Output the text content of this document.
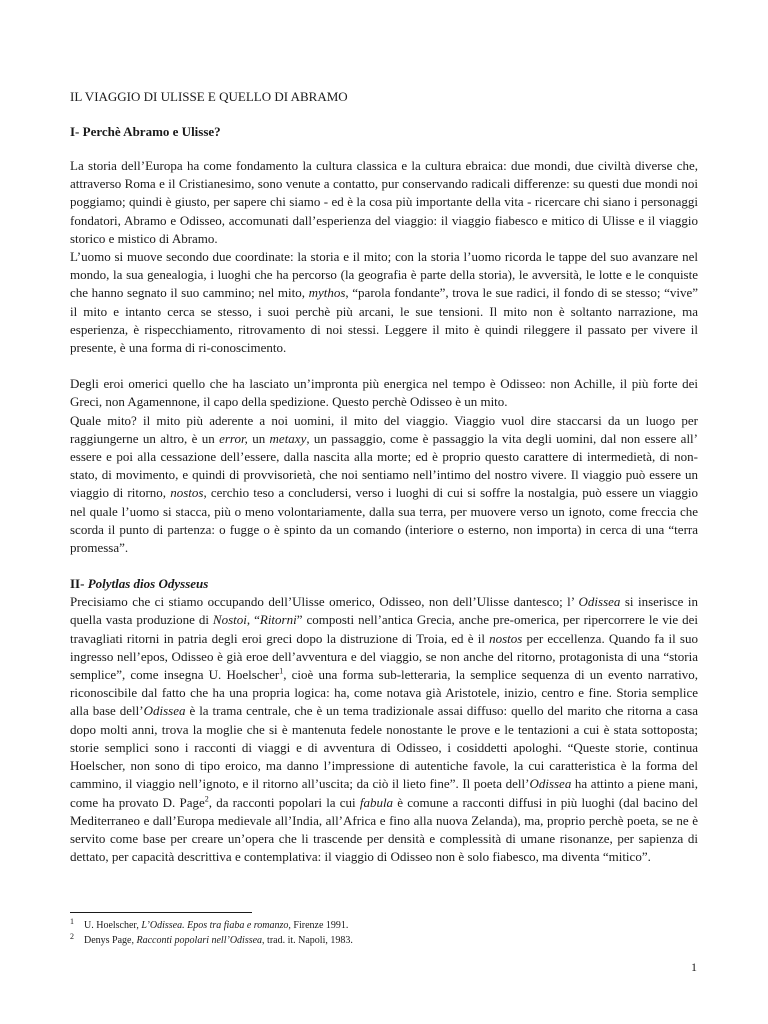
IL VIAGGIO DI ULISSE E QUELLO DI ABRAMO

I- Perchè Abramo e Ulisse?

La storia dell’Europa ha come fondamento la cultura classica e la cultura ebraica: due mondi, due civiltà diverse che, attraverso Roma e il Cristianesimo, sono venute a contatto, pur conservando radicali differenze: su questi due mondi noi poggiamo; quindi è giusto, per sapere chi siamo - ed è la cosa più importante della vita - ricercare chi siano i personaggi fondatori, Abramo e Odisseo, accomunati dall’esperienza del viaggio: il viaggio fiabesco e mitico di Ulisse e il viaggio storico e mistico di Abramo.

L’uomo si muove secondo due coordinate: la storia e il mito; con la storia l’uomo ricorda le tappe del suo avanzare nel mondo, la sua genealogia, i luoghi che ha percorso (la geografia è parte della storia), le avversità, le lotte e le conquiste che hanno segnato il suo cammino; nel mito, mythos, “parola fondante”, trova le sue radici, il fondo di se stesso; “vive” il mito e intanto cerca se stesso, i suoi perchè più arcani, le sue tensioni. Il mito non è soltanto narrazione, ma esperienza, è rispecchiamento, ritrovamento di noi stessi. Leggere il mito è quindi rileggere il passato per vivere il presente, è una forma di ri-conoscimento.

Degli eroi omerici quello che ha lasciato un’impronta più energica nel tempo è Odisseo: non Achille, il più forte dei Greci, non Agamennone, il capo della spedizione. Questo perchè Odisseo è un mito.

Quale mito? il mito più aderente a noi uomini, il mito del viaggio. Viaggio vuol dire staccarsi da un luogo per raggiungerne un altro, è un error, un metaxy, un passaggio, come è passaggio la vita degli uomini, dal non essere all’ essere e poi alla cessazione dell’essere, dalla nascita alla morte; ed è proprio questo carattere di intermedietà, di non-stato, di movimento, e quindi di provvisorietà, che noi sentiamo nell’intimo del nostro vivere. Il viaggio può essere un viaggio di ritorno, nostos, cerchio teso a concludersi, verso i luoghi di cui si soffre la nostalgia, può essere un viaggio nel quale l’uomo si stacca, più o meno volontariamente, dalla sua terra, per muovere verso un ignoto, come freccia che scorda il punto di partenza: o fugge o è spinto da un comando (interiore o esterno, non importa) in cerca di una “terra promessa”.

II- Polytlas dios Odysseus

Precisiamo che ci stiamo occupando dell’Ulisse omerico, Odisseo, non dell’Ulisse dantesco; l’ Odissea si inserisce in quella vasta produzione di Nostoi, “Ritorni” composti nell’antica Grecia, anche pre-omerica, per ripercorrere le vie dei travagliati ritorni in patria degli eroi greci dopo la distruzione di Troia, ed è il nostos per eccellenza. Quando fa il suo ingresso nell’epos, Odisseo è già eroe dell’avventura e del viaggio, se non anche del ritorno, protagonista di una “storia semplice”, come insegna U. Hoelscher$^1$, cioè una forma sub-letteraria, la semplice sequenza di un evento narrativo, riconoscibile dal fatto che ha una propria logica: ha, come notava già Aristotele, inizio, centro e fine. Storia semplice alla base dell’Odissea è la trama centrale, che è un tema tradizionale assai diffuso: quello del marito che ritorna a casa dopo molti anni, trova la moglie che si è mantenuta fedele nonostante le prove e le tentazioni a cui è stata sottoposta; storie semplici sono i racconti di viaggi e di avventura di Odisseo, i cosiddetti apologhi. “Queste storie, continua Hoelscher, non sono di tipo eroico, ma danno l’impressione di autentiche favole, la cui caratteristica è la forma del cammino, il viaggio nell’ignoto, e il ritorno all’uscita; da ciò il lieto fine”. Il poeta dell’Odissea ha attinto a piene mani, come ha provato D. Page$^2$, da racconti popolari la cui fabula è comune a racconti diffusi in più luoghi (dal bacino del Mediterraneo e dall’Europa medievale all’India, all’Africa e fino alla nuova Zelanda), ma, proprio perchè poeta, se ne è servito come base per creare un’opera che li trascende per densità e complessità di umane risonanze, per sapienza di dettato, per capacità descrittiva e contemplativa: il viaggio di Odisseo non è solo fiabesco, ma diventa “mitico”.

$^1$ U. Hoelscher, L’Odissea. Epos tra fiaba e romanzo, Firenze 1991.

$^2$ Denys Page, Racconti popolari nell’Odissea, trad. it. Napoli, 1983.

1
